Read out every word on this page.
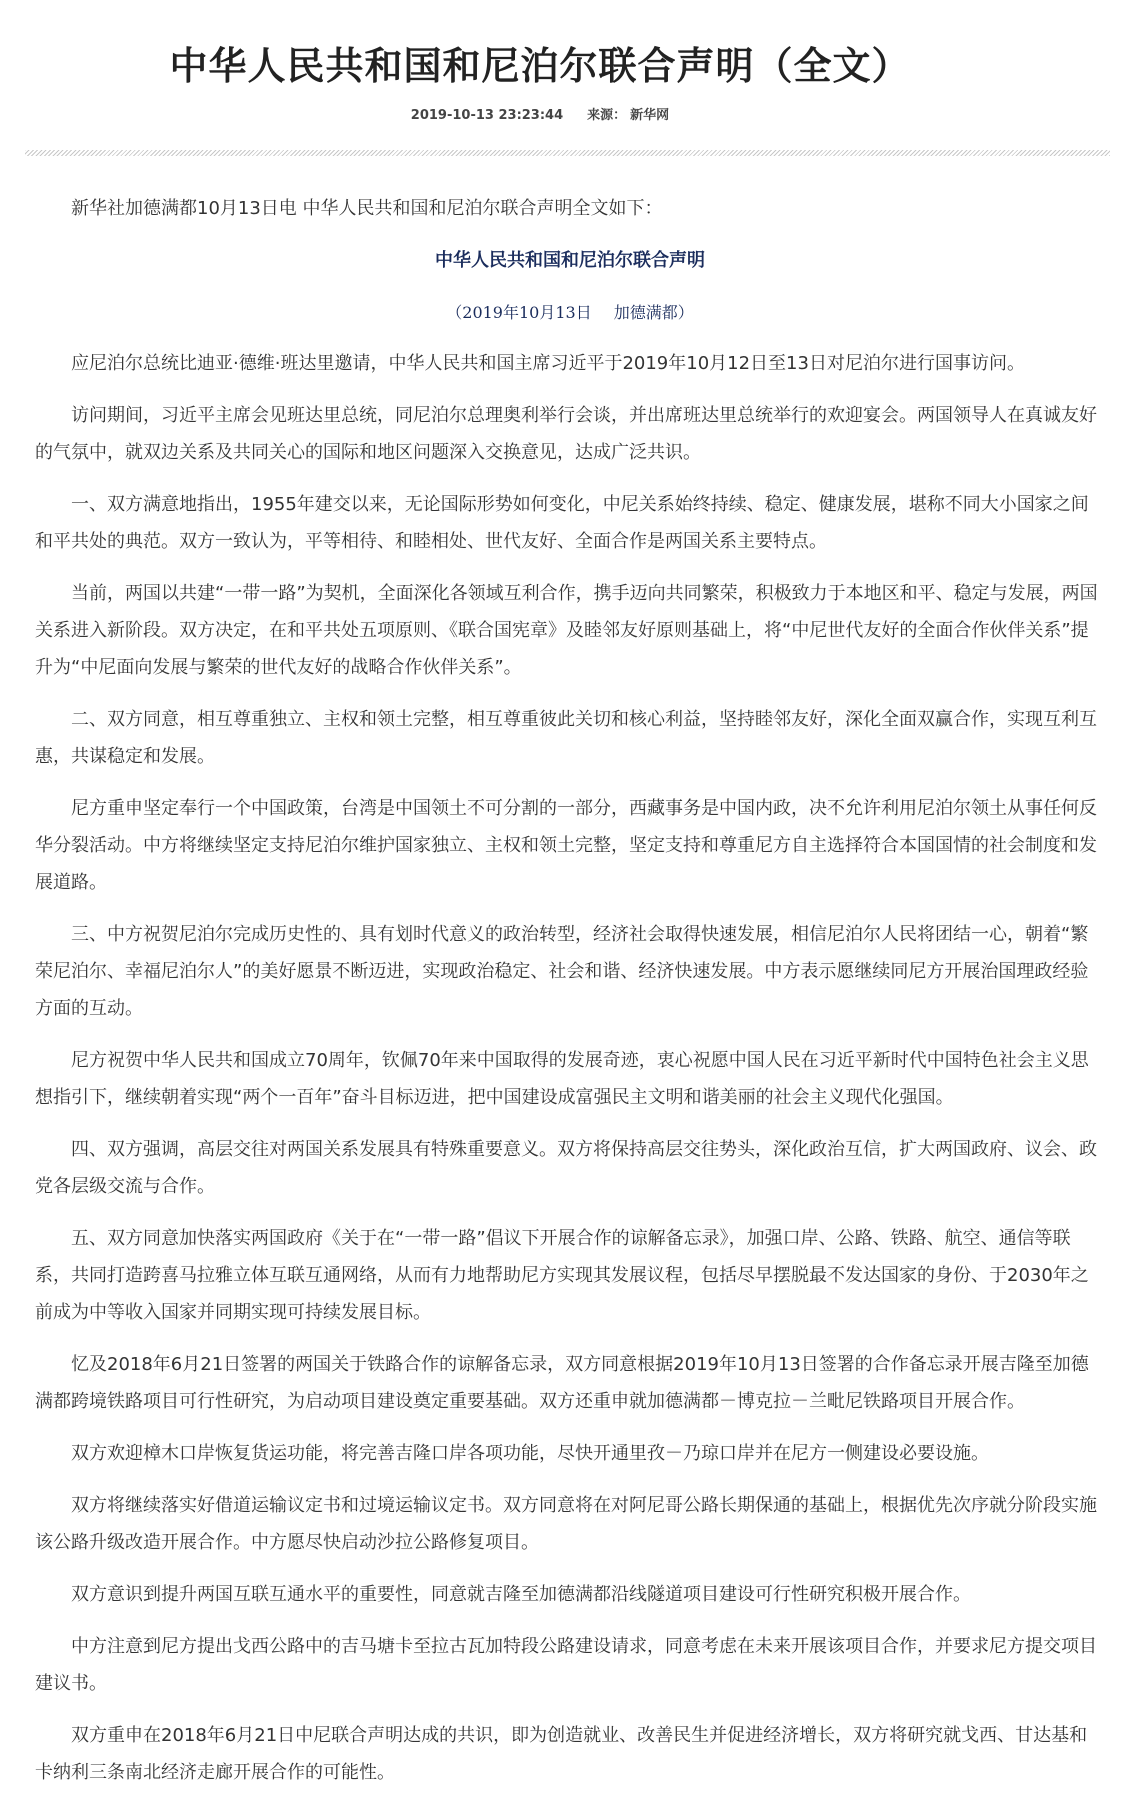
中华人民共和国和尼泊尔联合声明（全文）
2019-10-13 23:23:44 来源： 新华网

新华社加德满都10月13日电 中华人民共和国和尼泊尔联合声明全文如下：

中华人民共和国和尼泊尔联合声明

（2019年10月13日 加德满都）

应尼泊尔总统比迪亚·德维·班达里邀请，中华人民共和国主席习近平于2019年10月12日至13日对尼泊尔进行国事访问。

访问期间，习近平主席会见班达里总统，同尼泊尔总理奥利举行会谈，并出席班达里总统举行的欢迎宴会。两国领导人在真诚友好的气氛中，就双边关系及共同关心的国际和地区问题深入交换意见，达成广泛共识。

一、双方满意地指出，1955年建交以来，无论国际形势如何变化，中尼关系始终持续、稳定、健康发展，堪称不同大小国家之间和平共处的典范。双方一致认为，平等相待、和睦相处、世代友好、全面合作是两国关系主要特点。

当前，两国以共建“一带一路”为契机，全面深化各领域互利合作，携手迈向共同繁荣，积极致力于本地区和平、稳定与发展，两国关系进入新阶段。双方决定，在和平共处五项原则、《联合国宪章》及睦邻友好原则基础上，将“中尼世代友好的全面合作伙伴关系”提升为“中尼面向发展与繁荣的世代友好的战略合作伙伴关系”。

二、双方同意，相互尊重独立、主权和领土完整，相互尊重彼此关切和核心利益，坚持睦邻友好，深化全面双赢合作，实现互利互惠，共谋稳定和发展。

尼方重申坚定奉行一个中国政策，台湾是中国领土不可分割的一部分，西藏事务是中国内政，决不允许利用尼泊尔领土从事任何反华分裂活动。中方将继续坚定支持尼泊尔维护国家独立、主权和领土完整，坚定支持和尊重尼方自主选择符合本国国情的社会制度和发展道路。

三、中方祝贺尼泊尔完成历史性的、具有划时代意义的政治转型，经济社会取得快速发展，相信尼泊尔人民将团结一心，朝着“繁荣尼泊尔、幸福尼泊尔人”的美好愿景不断迈进，实现政治稳定、社会和谐、经济快速发展。中方表示愿继续同尼方开展治国理政经验方面的互动。

尼方祝贺中华人民共和国成立70周年，钦佩70年来中国取得的发展奇迹，衷心祝愿中国人民在习近平新时代中国特色社会主义思想指引下，继续朝着实现“两个一百年”奋斗目标迈进，把中国建设成富强民主文明和谐美丽的社会主义现代化强国。

四、双方强调，高层交往对两国关系发展具有特殊重要意义。双方将保持高层交往势头，深化政治互信，扩大两国政府、议会、政党各层级交流与合作。

五、双方同意加快落实两国政府《关于在“一带一路”倡议下开展合作的谅解备忘录》，加强口岸、公路、铁路、航空、通信等联系，共同打造跨喜马拉雅立体互联互通网络，从而有力地帮助尼方实现其发展议程，包括尽早摆脱最不发达国家的身份、于2030年之前成为中等收入国家并同期实现可持续发展目标。

忆及2018年6月21日签署的两国关于铁路合作的谅解备忘录，双方同意根据2019年10月13日签署的合作备忘录开展吉隆至加德满都跨境铁路项目可行性研究，为启动项目建设奠定重要基础。双方还重申就加德满都－博克拉－兰毗尼铁路项目开展合作。

双方欢迎樟木口岸恢复货运功能，将完善吉隆口岸各项功能，尽快开通里孜－乃琼口岸并在尼方一侧建设必要设施。

双方将继续落实好借道运输议定书和过境运输议定书。双方同意将在对阿尼哥公路长期保通的基础上，根据优先次序就分阶段实施该公路升级改造开展合作。中方愿尽快启动沙拉公路修复项目。

双方意识到提升两国互联互通水平的重要性，同意就吉隆至加德满都沿线隧道项目建设可行性研究积极开展合作。

中方注意到尼方提出戈西公路中的吉马塘卡至拉古瓦加特段公路建设请求，同意考虑在未来开展该项目合作，并要求尼方提交项目建议书。

双方重申在2018年6月21日中尼联合声明达成的共识，即为创造就业、改善民生并促进经济增长，双方将研究就戈西、甘达基和卡纳利三条南北经济走廊开展合作的可能性。
